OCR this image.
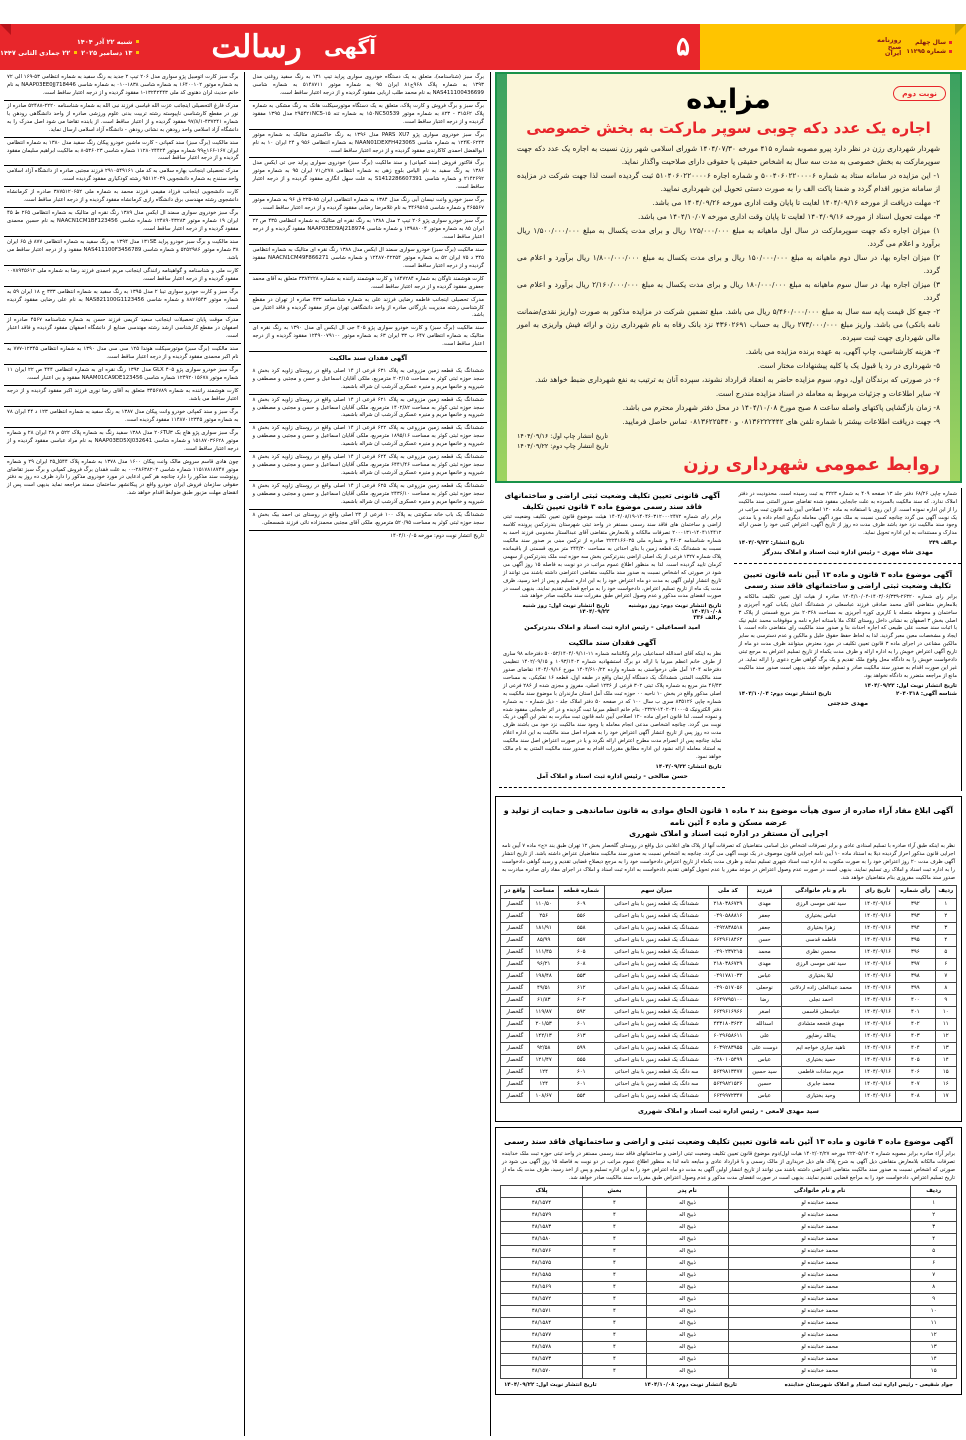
سال چهلم
شماره ۱۱۲۹۵
روزنامه
صبح
ایران
رسالت آگهی
شنبه ۲۲ آذر ۱۴۰۴
۱۳ دسامبر ۲۰۲۵
۲۲ جمادی الثانی ۱۴۴۷	۵
نوبت دوم
مزایده
اجاره یک عدد دکه چوبی سوپر مارکت به بخش خصوصی

شهردار شهرداری رزن در نظر دارد پیرو مصوبه شماره ۴۱۵ مورخه ۱۴۰۴/۰۷/۳۰ شورای اسلامی شهر رزن نسبت به اجاره یک عدد دکه جهت سوپرمارکت به بخش خصوصی به مدت سه سال به اشخاص حقیقی یا حقوقی دارای صلاحیت واگذار نماید.

۱- این مزایده در سامانه ستاد به شماره ۵۰۰۴۰۶۰۲۲۰۰۰۰۶ و شماره اجاره ۵۱۰۴۰۶۰۲۲۰۰۰۰۶ ثبت گردیده است لذا جهت شرکت در مزایده از سامانه مزبور اقدام گردد و ضمنا پاکت الف را به صورت دستی تحویل این شهرداری نمایید.

۲- مهلت دریافت از مورخه ۱۴۰۴/۰۹/۱۶ لغایت تا پایان وقت اداری مورخه ۱۴۰۴/۰۹/۲۶ می باشد.

۳- مهلت تحویل اسناد از مورخه ۱۴۰۴/۰۹/۱۶ لغایت تا پایان وقت اداری مورخه ۱۴۰۴/۱۰/۰۷ می باشد.

۱) میزان اجاره دکه جهت سوپرمارکت در سال اول ماهیانه به مبلغ ۱۲۵/۰۰۰/۰۰۰ ریال و برای مدت یکسال به مبلغ ۱/۵۰۰/۰۰۰/۰۰۰ ریال برآورد و اعلام می گردد.

۲) میزان اجاره بها، در سال دوم ماهیانه به مبلغ ۱۵۰/۰۰۰/۰۰۰ ریال و برای مدت یکسال به مبلغ ۱/۸۰۰/۰۰۰/۰۰۰ ریال برآورد و اعلام می گردد.

۳) میزان اجاره بها، در سال سوم ماهیانه به مبلغ ۱۸۰/۰۰۰/۰۰۰ ریال و برای مدت یکسال به مبلغ ۲/۱۶۰/۰۰۰/۰۰۰ ریال برآورد و اعلام می گردد.

۲- جمع کل قیمت پایه سه سال به مبلغ ۵/۴۶۰/۰۰۰/۰۰۰ ریال می باشد. مبلغ تضمین شرکت در مزایده مذکور به صورت (واریز نقدی/ضمانت نامه بانکی) می باشد. واریز مبلغ ۲۷۳/۰۰۰/۰۰۰ ریال به حساب ۴۳۶۰۲۶۹۱ نزد بانک رفاه به نام شهرداری رزن و ارائه فیش واریزی به امور مالی شهرداری جهت ثبت سپرده.

۴- هزینه کارشناسی، چاپ آگهی، به عهده برنده مزایده می باشد.

۵- شهرداری در رد یا قبول یک یا کلیه پیشنهادات مختار است.

۶- در صورتی که برندگان اول، دوم، سوم مزایده حاضر به انعقاد قرارداد نشوند، سپرده آنان به ترتیب به نفع شهرداری ضبط خواهد شد.

۷- سایر اطلاعات و جزئیات مربوط به معامله در اسناد مزایده مندرج است.

۸- زمان بازگشایی پاکتهای واصله ساعت ۸ صبح مورخ ۱۴۰۴/۱۰/۰۸ در محل دفتر شهردار محترم می باشد.

۹- جهت دریافت اطلاعات بیشتر با شماره تلفن های ۰۸۱۳۶۲۲۲۴۴۲ و ۰۸۱۳۶۲۲۵۳۴۰ تماس حاصل فرمایید.

تاریخ انتشار چاپ اول: ۱۴۰۴/۰۹/۱۶
تاریخ انتشار چاپ دوم: ۱۴۰۴/۰۹/۲۲
روابط عمومی شهرداری رزن
شماره چاپی ۶۸/۲۶ دفتر جلد ۱۳ صفحه ۴۰۹ به شماره ۳۲۲۳ به ثبت رسیده است. محدودیت در دفتر املاک ندارد. که سند مالکیت بالسرده به علت جابجایی مفقود شده تقاضای صدور المثنی سند مالکیت را از این اداره نموده است. از این روی با استفاده به ماده ۱۲۰ اصلاحی آیین نامه قانون ثبت مراتب در یک نوبت آگهی می گردد چنانچه کسی نسبت به ملک مورد آگهی معامله دیگری انجام داده و یا مدعی وجود سند مالکیت نزد خود باشد ظرف مدت ده روز از تاریخ آگهی، اعتراض کتبی خود را ضمن ارائه مدارک و مستندات به این اداره تحویل نماید.
م.الف ۲۴۹
تاریخ انتشار: ۱۴۰۴/۰۹/۲۲
مهدی شاه مهری - رئیس اداره ثبت اسناد و املاک بندرگز
آگهی موضوع ماده ۳ قانون و ماده ۱۳ آیین نامه قانون تعیین تکلیف وضعیت ثبتی اراضی و ساختمانهای فاقد سند رسمی
برابر رای شماره ۲۶۳۲۰-۱۴۰۳/۰۶/۳۳۹-۱۴۰۴/۱۰/۰۴ صادره از هیات اول تعیین تکلیف مالکانه و بلامعارض متقاضی آقای محمد صادقی فرزند عباسعلی در ششدانگ اعیان یکباب کوره آجرپزی و ساختمان و محوطه متصله با کاربری کوره آجرپزی به مساحت ۲۰۳۶۸ متر مربع قسمتی از پلاک ۳ اصلی بخش ۳ اصفهان به نشانی داخل روستای کلاک ملا باستانه اجاره نامه و موقوفات محمد علیم نیک با اثبات سند صحت علی طبیعی که اجاره احداث بنا و صدور سند مالکیت رای متقاضی داده است. با ایجاد و مشخصات معین معبر گردید. لذا به لحاظ حفظ حقوق خلیل و مالکین و عدم دسترسی به سایر مالکین مشاعی در اجرای ماده ۳ قانون تعیین تکلیف در مورد معترض میتوانند ظرف مدت دو ماه از تاریخ آگهی اعتراض خویش را به اداره ارائه و ظرف مدت یکماه از تاریخ تسلیم اعتراض به مرجع ثبتی دادخواست خویش را به دادگاه محل وقوع ملک تقدیم و یک برگ گواهی طرح دعوی را ارائه نماید. در غیر این صورت اقدام به صدور سند مالکیت صادر و تسلیم خواهد شد. بدیهی است صدور سند مالکیت مانع از مراجعه متضرر به دادگاه نخواهد بود.
تاریخ انتشار نوبت اول: ۱۴۰۴/۰۹/۲۲
شناسه آگهی: ۲۰۴۰۳۱۸
تاریخ انتشار نوبت دوم: ۱۴۰۴/۱۰/۰۴
مهدی حدجتی
آگهی قانونی تعیین تکلیف وضعیت ثبتی اراضی و ساختمانهای فاقد سند رسمی موضوع ماده ۳ قانون تعیین تکلیف
برابر رای شماره ۱۴۰۴۶۰۳۱۲۰۰۰۲۴۷۲-۱۴۰۴/۰۸/۱۹ هیئت موضوع قانون تعیین تکلیف وضعیت ثبتی اراضی و ساختمان های فاقد سند رسمی مستقر در واحد ثبتی شهرستان بندرترکمن پرونده کلاسه ۱۴۰۴۱۱۴۴۱۲-۲۰۰۰۱۳۱ تصرفات مالکانه و بلامعارض متقاضی آقای عبدالستار مخدومی فرزند احمد به شماره شناسنامه ۴۶۰۲ و شماره ملی ۲۲۲۴۱۶۶۰۳۵ صادره از ترکمن مبنی بر صدور سند مالکیت نسبت به ششدانگ یک قطعه زمین با بنای احداثی به مساحت ۲۴۴/۳۰ متر مربع، قسمتی از باقیمانده پلاک شماره ۱۳۲۷ فرعی از یک اصلی اراضی بندرترکمن بخش سه حوزه ثبت ملک بندرترکمن از سهمی کرمان تایید گردیده است. لذا به منظور اطلاع عموم مراتب در دو نوبت به فاصله ۱۵ روز آگهی می شود در صورتی که اشخاص نسبت به صدور سند مالکیت متقاضی اعتراضی داشته باشند می توانند از تاریخ انتشار اولین آگهی به مدت دو ماه اعتراض خود را به این اداره تسلیم و پس از اخذ رسید، ظرف مدت یک ماه از تاریخ تسلیم اعتراض، دادخواست خود را به مراجع قضایی تقدیم نمایند. بدیهی است در صورت انقضای مدت مذکور و عدم وصول اعتراض طبق مقررات سند مالکیت صادر خواهد شد.
تاریخ انتشار نوبت دوم: روز دوشنبه ۱۴۰۴/۱۰/۰۸
تاریخ انتشار نوبت اول: روز شنبه ۱۴۰۴/۰۹/۲۲
م.الف ۳۳۶
امید اسماعیلی - رئیس اداره ثبت اسناد و املاک بندرترکمن
آگهی فقدان سند مالکیت
نظر به اینکه آقای اسدالله اسماعیلی برابر وکالتنامه شماره ۱۱-۵۰۰۵۲/۱۴۰۴/۰۹/۱۱ دفترخانه ۹۸ ساری از طرف خانم اعظم میرنیا با ارائه دو برگ استشهادیه شماره ۱۰۹۳/۱۴۰۲ و ۱۴۰۲/۰۹/۱۵ تنظیمی دفترخانه ۱۴۰۴ آمل طی درخواستی به شماره وارده ۱۴۰۴/۶۱۰/۲۲ مورخ ۱۴۰۴/۰۹/۱۶ تقاضای صدور سند مالکیت المثنی ششدانگ یک دستگاه آپارتمان واقع در طبقه اول، قطعه ۱۶ تفکیکی، به مساحت ۴۶/۴۳ متر مربع به شماره پلاک ثبتی ۳۰۲ فرعی از ۱۲۳۶ اصلی، مفروز و مجزی شده از ۲۸۶ فرعی از اصلی مذکور واقع در بخش ۱۰ ناحیه ۰۰ حوزه ثبت ملک آمل استان مازندران با موضوع سند مالکیت به شماره چاپی ۸۳۵۱۲۶ سری ب سال ۱۰۰ که در صفحه ۵۰ دفتر املاک جلد - ذیل شماره - به شماره دفتر الکترونیک ۱۴۰۲۰۳۱۰۰۰۵-۰۲۳۲۷ بنام خانم اعظم میرنیا ثبت گردیده و در اثر جابجایی مفقود شده و نموده است. لذا قانون اجرای ماده ۱۲۰ اصلاحی آیین نامه قانون ثبت مبادرت به نشر این آگهی در یک نوبت می گردد. چنانچه اشخاصی مدعی انجام معامله با وجود سند مالکیت نزد خود می باشند ظرف مدت ده روز پس از تاریخ انتشار آگهی اعتراض خود را به همراه اصل سند مالکیت به این اداره اعلام نماید چنانچه پس از انصرام مدت مطرح اعتراض ارائه نگردد و یا در صورت اعتراض اصل سند مالکیت به استناد معامله ارائه نشود این اداره مطابق مقررات اقدام به صدور سند مالکیت المثنی به نام مالک خواهد نمود.
تاریخ انتشار: ۱۴۰۴/۰۹/۲۲
حسن صالحی - رئیس اداره ثبت اسناد و املاک آمل
آگهی ابلاغ مفاد آراء صادره از سوی هیأت موضوع بند ۲ ماده ۱ قانون الحاق موادی به قانون ساماندهی و حمایت از تولید و عرضه مسکن و ماده ۶ آئین نامه
اجرایی آن مستقر در اداره ثبت اسناد و املاک شهرری
نظر به اینکه طبق آراء صادره با تسلیم اسنادی عادی و برابر تصرفات اشخاص ذیل اسامی متقاضیان که تصرفات آنها از پلاک های اعلامی ذیل واقع در روستای گلخصار بخش ۱۲ تهران طبق بند «ج» ماده ۷ آیین نامه اجرایی قانون مذکور احراز گردیده ذیلا به استناد ماده ۱۰ آیین نامه اجرایی قانون موصوف در یک نوبت آگهی می گردد. چنانچه به اشخاص نسبت به صدور سند مالکیت متقاضیان عتراض داشته باشد. از تاریخ انتشار آگهی ظرف مدت ۲۰ روز اعتراض خود را به صورت مکتوب به اداره ثبت اسناد شهری تسلیم نمایند و ظرف مدت یکماه از تاریخ اعتراض دادخواست خود را به مرجع ذیصلاح قضایی تقدیم و رسید گواهی دادخواست را به اداره ثبت اسناد و املاک ری تسلیم نمایند. بدیهی است در صورت عدم وصول اعتراض در موعد مقرر یا عدم تحویل گواهی تقدیم دادخواست به اداره ثبت اسناد و املاک در اجرای مفاد رای صادره مبادرت به صدور سند مالکیت مفروزی بنام متقاضیان خواهد شد.
ردیف	رأی شماره	تاریخ رای	نام و نام خانوادگی	فرزند	کد ملی	میزان سهم	شماره قطعه	مساحت	واقع در
۱	۳۹۲	۱۴۰۴/۰۹/۱۶	سید تقی موسی الرزی	مهدی	۲۱۸۰۳۸۶۷۲۹	ششدانگ یک قطعه زمین با بنای احداثی	۶۰۹	۱۱۰/۵۰	گلخصار
۲	۳۹۳	۱۴۰۴/۰۹/۱۶	عباس بختیاری	جعفر	۰۴۹۰۵۸۸۸۱۶	ششدانگ یک قطعه زمین با بنای احداثی	۵۵۶	۲۵۶	گلخصار
۳	۳۹۴	۱۴۰۴/۰۹/۱۶	زهرا بختیاری	جعفر	۰۴۹۲۸۳۸۵۱۸	ششدانگ یک قطعه زمین با بنای احداثی	۵۵۸	۱۸۱/۹۱	گلخصار
۴	۳۹۵	۱۴۰۴/۰۹/۱۶	فاطمه قدسی	حسن	۶۶۴۹۶۱۸۴۶۲	ششدانگ یک قطعه زمین با بنای احداثی	۵۵۷	۸۵/۹۹	گلخصار
۵	۳۹۶	۱۴۰۴/۰۹/۱۶	محسن نظری	محمد	۰۴۹۰۲۳۷۲۱۵	ششدانگ یک قطعه زمین با بنای احداثی	۶۰۵	۱۱۱/۴۵	گلخصار
۶	۳۹۷	۱۴۰۴/۰۹/۱۶	سید تقی موسی الرزی	مهدی	۲۱۸۰۳۸۶۷۲۹	ششدانگ یک قطعه زمین با بنای احداثی	۶۰۸	۹۶/۲۱	گلخصار
۷	۳۹۸	۱۴۰۴/۰۹/۱۶	لیلا بختیاری	عباس	۰۴۹۱۷۸۱۰۳۲	ششدانگ یک قطعه زمین با بنای احداثی	۵۵۳	۱۹۸/۴۸	گلخصار
۸	۳۹۹	۱۴۰۴/۰۹/۱۶	محمد عبدالعلی زاده اردلانی	نوحعلی	۰۴۹۰۵۱۷۰۵۶	ششدانگ یک قطعه زمین با بنای احداثی	۶۱۲	۴۹/۵۱	گلخصار
۹	۴۰۰	۱۴۰۴/۰۹/۱۶	احمد نجلی	رضا	۶۶۴۹۷۹۵۱۰۰	ششدانگ یک قطعه زمین با بنای احداثی	۶۰۲	۶۱/۸۳	گلخصار
۱۰	۴۰۱	۱۴۰۴/۰۹/۱۶	عباسعلی قاسمی	اصغر	۶۶۴۹۶۱۶۹۶۶	ششدانگ یک قطعه زمین با بنای احداثی	۵۹۲	۱۱۹/۸۷	گلخصار
۱۱	۴۰۲	۱۴۰۴/۰۹/۱۶	مهدی فتحعه متشادی	اسدالله	۴۴۳۱۸۰۳۶۲۲	ششدانگ یک قطعه زمین با بنای احداثی	۶۰۱	۲۰۱/۵۳	گلخصار
۱۲	۴۰۳	۱۴۰۴/۰۹/۱۶	یدالله رضاپور	علی	۶۰۲۹۶۵۸۶۱۱	ششدانگ یک قطعه زمین با بنای احداثی	۶۱۳	۱۴۲/۱۳	گلخصار
۱۳	۴۰۴	۱۴۰۴/۰۹/۱۶	ناهید جباری خواجه ایم	دوست علی	۶۰۳۹۲۸۳۹۵۵	ششدانگ یک قطعه زمین با بنای احداثی	۵۹۹	۹۲/۵۸	گلخصار
۱۴	۴۰۵	۱۴۰۴/۰۹/۱۶	حمید بختیاری	عباس	۰۴۸۰۱۰۵۴۹۹	ششدانگ یک قطعه زمین با بنای احداثی	۵۵۵	۱۲۱/۴۷	گلخصار
۱۵	۴۰۶	۱۴۰۴/۰۹/۱۶	مریم سادات فاطمی	سید حسین	۵۶۴۹۸۱۳۴۷۷	سه دانگ یک قطعه زمین با بنای احداثی	۶۰۱	۱۲۴	گلخصار
۱۶	۴۰۷	۱۴۰۴/۰۹/۱۶	محمد جابری	حسین	۵۶۴۹۸۲۱۵۲۶	سه دانگ یک قطعه زمین با بنای احداثی	۶۰۱	۱۲۴	گلخصار
۱۷	۴۰۸	۱۴۰۴/۰۹/۱۶	وحید بختیاری	عباس	۶۶۴۹۹۷۲۳۴۷	ششدانگ یک قطعه زمین با بنای احداثی	۵۵۴	۱۰۸/۶۷	گلخصار
سید مهدی لامعی - رئیس اداره ثبت اسناد و املاک شهرری
آگهی موضوع ماده ۳ قانون و ماده ۱۳ آئین نامه قانون تعیین تکلیف وضعیت ثبتی و اراضی و ساختمانهای فاقد سند رسمی
برابر آراء صادره برابر مصوبه شماره ۲۲۲۰۵/۱۴۰۲ مورخه ۱۴۰۲/۰۲/۲۷ هیات اول/دوم موضوع قانون تعیین تکلیف وضعیت ثبتی اراضی و ساختمانهای فاقد سند رسمی مستقر در واحد ثبتی حوزه ثبت ملک خدابنده تصرفات مالکانه بلامعارض متقاضی ذیل آگهی به شرح پلاک های ذیل خریداری از مالک رسمی و با قرارداد عادی و مبایعه نامه لذا به منظور اطلاع عموم مراتب در دو نوبت به فاصله ۱۵ روز آگهی می شود در صورتی که اشخاص نسبت به صدور سند مالکیت متقاضی اعتراضی داشته باشند می توانند از تاریخ انتشار اولین آگهی به مدت دو ماه اعتراض خود را به این اداره تسلیم و پس از اخذ رسید، ظرف مدت یک ماه از تاریخ تسلیم اعتراض، دادخواست خود را به مراجع قضایی تقدیم نمایند. بدیهی است در صورت انقضای مدت مذکور و عدم وصول اعتراض طبق مقررات سند مالکیت صادر خواهد شد.
ردیف	نام و نام خانوادگی	نام پدر	بخش	پلاک
۱	محمد خدابنده لو	ذبیح اله	۴	۴۸/۱۵۷۴
۲	محمد خدابنده لو	ذبیح اله	۴	۴۸/۱۵۷۹
۳	محمد خدابنده لو	ذبیح اله	۴	۴۸/۱۵۸۳
۴	محمد خدابنده لو	ذبیح اله	۴	۴۸/۱۵۸۰
۵	محمد خدابنده لو	ذبیح اله	۴	۴۸/۱۵۷۶
۶	محمد خدابنده لو	ذبیح اله	۴	۴۸/۱۵۷۵
۷	محمد خدابنده لو	ذبیح اله	۴	۴۸/۱۵۸۵
۸	محمد خدابنده لو	ذبیح اله	۴	۴۸/۱۵۶۹
۹	محمد خدابنده لو	ذبیح اله	۴	۴۸/۱۵۷۲
۱۰	محمد خدابنده لو	ذبیح اله	۴	۴۸/۱۵۷۱
۱۱	محمد خدابنده لو	ذبیح اله	۴	۴۸/۱۵۸۴
۱۲	محمد خدابنده لو	ذبیح اله	۴	۴۸/۱۵۷۷
۱۳	محمد خدابنده لو	ذبیح اله	۴	۴۸/۱۵۷۸
۱۴	محمد خدابنده لو	ذبیح اله	۴	۴۸/۱۵۷۳
۱۵	محمد خدابنده لو	ذبیح اله	۴	۴۸/۱۵۷۰
جواد شفیعی - رئیس اداره ثبت اسناد و املاک شهرستان خدابنده
تاریخ انتشار نوبت دوم: ۱۴۰۴/۱۰/۰۸
تاریخ انتشار نوبت اول: ۱۴۰۴/۰۹/۲۲

برگ سبز (شناسنامه)، متعلق به یک دستگاه خودروی سواری پراید تیپ ۱۳۱ به رنگ سفید روغنی مدل ۱۳۹۳ به شماره پلاک ۹۶۸ج۸۱ ایران ۹۵ به شماره موتور ۵۱۴۸۷۱۱ به شماره شاسی NAS411100436699 به نام محمد طلب اربابی مفقود گردیده و از درجه اعتبار ساقط است.

برگ سبز و برگ فروش و کارت پلاک، متعلق به یک دستگاه موتورسیکلت هانک به رنگ مشکی به شماره پلاک ۳۱۵۶۲ - ۸۲۳ به شماره موتور ۱۵۰NC50539 به شماره تنه ۱۵-۲۹۵۴۲۱NC5 مدل ۱۳۹۵ مفقود گردیده و از درجه اعتبار ساقط است.

برگ سبز خودروی سواری پژو PARS XU7 مدل ۱۳۹۶ به رنگ خاکستری متالیک به شماره موتور ۱۲۴K۰۶۲۴۳ به شماره شاسی NAAN01DEXFH423065 به شماره انتظامی ۹۵۶ و ۲۴ ایران ۱۰ به نام ابوالفضل احمدی کاکارندی مفقود گردیده و از درجه اعتبار ساقط است.

برگ فاکتور فروش (سند کمپانی) و سند مالکیت (برگ سبز) خودروی سواری پراید جی تی ایکس مدل ۱۳۸۶ به رنگ سفید به نام الیاس بلوچ زهی به شماره انتظامی ۲۷۸ن۷۱ ایران ۹۵ به شماره موتور ۲۱۴۲۶۹۲ و شماره شاسی S1412286607391 به علت سهل انگاری مفقود گردیده و از درجه اعتبار ساقط است.

برگ سبز خودرو وانت نیسان آبی رنگ مدل ۱۳۸۴ به شماره انتظامی ایران ۸۵-۲۲۵ ق ۹۶ به شماره موتور ۴۶۵۵۶۷ و شماره شاسی ۳۴۶۹۵۱۵ به نام غلامرضا رضایی مفقود گردیده و از درجه اعتبار ساقط است.

برگ سبز خودرو سواری پژو ۲۰۶ تیپ ۲ مدل ۱۳۸۸ به رنگ نقره ای متالیک به شماره انتظامی ۴۳۵ ص ۲۲ ایران ۸۵ به شماره موتور ۱۳۹۸۸۰۰۴ و شماره شاسی NAAP03ED9AJ218974 مفقود گردیده و از درجه اعتبار ساقط است.

سند مالکیت (برگ سبز) خودرو سواری سمند ال ایکس مدل ۱۳۸۸ رنگ نقره ای متالیک به شماره انتظامی ۳۴۵ د ۷۵ ایران ۵۲ به شماره موتور ۱۲۴۸۷۰۴۲۲۵۴ و شماره شاسی NAACN1CM49F866271 مفقود گردیده و از درجه اعتبار ساقط است.

کارت هوشمند ناوگان به شماره ۱۸۴۷۲۸۴ و کارت هوشمند راننده به شماره ۳۳۸۴۲۲۸ متعلق به آقای محمد جعفری مفقود گردیده و از درجه اعتبار ساقط است.

مدرک تحصیلی اینجانب فاطمه رضایی فرزند علی به شماره شناسنامه ۴۳۲ صادره از تهران در مقطع کارشناسی رشته مدیریت بازرگانی صادره از واحد دانشگاهی تهران مرکز مفقود گردیده و فاقد اعتبار می باشد.

سند مالکیت (برگ سبز) و کارت خودرو سواری پژو ۴۰۵ جی ال ایکس آی مدل ۱۳۹۰ به رنگ نقره ای متالیک به شماره انتظامی ۶۴۷ ب ۳۳ ایران ۶۳ به شماره موتور ۱۲۴۹۰۰۷۹۱۰۰ مفقود گردیده و از درجه اعتبار ساقط است.

آگهی فقدان سند مالکیت

ششدانگ یک قطعه زمین مزروعی به پلاک ۶۳۱ فرعی از ۱۴ اصلی واقع در روستای زاویه کرد بخش ۸ سجد حوزه ثبتی کوثر به مساحت ۲۰۲/۱۵ مترمربع، ملکی آقایان اسماعیل و حسن و مجتبی و مصطفی و شیرویه و خانمها مریم و منیره عسکری آذرشب ان شراله باشمید.

ششدانگ یک قطعه زمین مزروعی به پلاک ۶۲۱ فرعی از ۱۴ اصلی واقع در روستای زاویه کرد بخش ۸ سجد حوزه ثبتی کوثر به مساحت ۱۴۰۲/۸۲ مترمربع، ملکی آقایان اسماعیل و حسن و مجتبی و مصطفی و شیرویه و خانمها مریم و منیره عسکری آذرشب ان شراله باشمید.

ششدانگ یک قطعه زمین مزروعی به پلاک ۶۲۲ فرعی از ۱۴ اصلی واقع در روستای زاویه کرد بخش ۸ سجد حوزه ثبتی کوثر به مساحت ۱۸۹۵/۱۶ مترمربع، ملکی آقایان اسماعیل و حسن و مجتبی و مصطفی و شیرویه و خانمها مریم و منیره عسکری آذرشب ان شراله باشمید.

ششدانگ یک قطعه زمین مزروعی به پلاک ۶۲۴ فرعی از ۱۴ اصلی واقع در روستای زاویه کرد بخش ۸ سجد حوزه ثبتی کوثر به مساحت ۶۴۴۱/۴۶ مترمربع، ملکی آقایان اسماعیل و حسن و مجتبی و مصطفی و شیرویه و خانمها مریم و منیره عسکری آذرشب ان شراله باشمید.

ششدانگ یک قطعه زمین مزروعی به پلاک ۶۲۵ فرعی از ۱۴ اصلی واقع در روستای زاویه کرد بخش ۸ سجد حوزه ثبتی کوثر به مساحت ۲۴۳۶/۱۰ مترمربع، ملکی آقایان اسماعیل و حسن و مجتبی و مصطفی و شیرویه و خانمها مریم و منیره عسکری آذرشب ان شراله باشمید.

ششدانگ یک باب خانه سکونتی به پلاک ۱۰۰ فرعی از ۲۳ اصلی واقع در روستای نی احمد بیک بخش ۸ سجد حوزه ثبتی کوثر به مساحت ۵۲۰/۹۵ مترمربع، ملکی آقای مجتبی محمدزاده نائی فرزند شمسعلی.

تاریخ انتشار نوبت دوم: مورخه ۱۴۰۴/۱۰/۰۵

برگ سبز کارت اتومبیل پژو سواری مدل ۲۰۶ تیپ ۲ جدید به رنگ سفید به شماره انتظامی ۵۳-۱۶۹ الی ۷۲ به شماره موتور ۱۶۴۰۰۱۰۲ به شماره شاسی ۱۸۳۸-۰۱۰ به شماره شاسی NAAP03EE0JJ718446 به نام خانم حدیث لران دهنوی کد ملی ۱۳۲۴۲۴۴۳-۱ مفقود گردیده و از درجه اعتبار ساقط است.

مدرک فارغ التحصیلی اینجانب عزت الله قیاسی فرزند نبی الله به شماره شناسنامه ۲۲۲۰-۵۲۴۸۸ صادره از نور در مقطع کارشناسی ناپیوسته رشته تربیت بدنی علوم ورزشی صادره از واحد دانشگاهی رودهن با شماره ۴۳۷۲۴۱-۹۷/۸/۱ مفقود گردیده و از اعتبار ساقط است. از یابنده تقاضا می شود اصل مدرک را به دانشگاه آزاد اسلامی واحد رودهن به نشانی رودهن - دانشگاه آزاد اسلامی ارسال نماید.

سند مالکیت (برگ سبز) سند کمپانی - کارت ماشین خودرو پیکان رنگ سفید مدل ۱۳۸۰ به شماره انتظامی ایران ۱۶۷-۱۶۶ج۹۹ شماره موتور ۱۱۲۸۰۲۴۴۲۴ شماره شاسی ۵۳۶۰۲۳-۸ به مالکیت ابراهیم سلیمان مفقود گردیده و از درجه اعتبار ساقط است.

مدرک تحصیلی اینجانب بهاره سلامی به کد ملی ۲۹۱۰۵۴۹۱۶۱ فرزند مجتبی صادره از دانشگاه آزاد اسلامی واحد سنندج به شماره دانشجویی ۹۵۱۱۲۰۴۹ رشته کودکیاری مفقود گردیده است.

کارت دانشجویی اینجانب فرزاد مقیمی فرزند محمد به شماره ملی ۳۸۷۵۱۲۰۶۵۲ صادره از کرمانشاه دانشجوی رشته مهندسی برق دانشگاه رازی کرمانشاه مفقود گردیده و از درجه اعتبار ساقط است.

برگ سبز خودروی سواری سمند ال ایکس مدل ۱۳۸۹ رنگ نقره ای متالیک به شماره انتظامی ۲۶۵ ط ۴۵ ایران ۱۹ شماره موتور ۱۲۴۸۹۰۴۳۲۸۳ شماره شاسی NAACN1CM1BF123456 به نام حسین محمدی مفقود گردیده و از درجه اعتبار ساقط است.

سند مالکیت و برگ سبز خودرو پراید ۱۳۱SE مدل ۱۳۹۴ به رنگ سفید به شماره انتظامی ۸۷۷ ق ۶۵ ایران ۳۸ شماره موتور ۵۲۵۲۹۸۶ و شماره شاسی NAS411100F3456789 مفقود و از درجه اعتبار ساقط می باشد.

کارت ملی و شناسنامه و گواهینامه رانندگی اینجانب مریم احمدی فرزند رضا به شماره ملی ۰۰۷۸۹۴۵۶۱۲ مفقود گردیده و از درجه اعتبار ساقط است.

برگ سبز و کارت خودرو سواری تیبا ۲ مدل ۱۳۹۵ به رنگ سفید به شماره انتظامی ۳۳۳ ج ۱۸ ایران ۵۹ به شماره موتور ۸۸۷۶۵۴۳ و شماره شاسی NAS821100G1123456 به نام علی رضایی مفقود گردیده است.

مدرک موقت پایان تحصیلات اینجانب سعید کریمی فرزند حسن به شماره شناسنامه ۴۵۶۷ صادره از اصفهان در مقطع کارشناسی ارشد رشته مهندسی صنایع از دانشگاه اصفهان مفقود گردیده و فاقد اعتبار است.

سند مالکیت (برگ سبز) موتورسیکلت هوندا ۱۲۵ سی سی مدل ۱۳۹۰ به شماره انتظامی ۱۲۳۴۵-۷۷۷ به نام اکبر محمدی مفقود گردیده و از درجه اعتبار ساقط است.

برگ سبز خودرو سواری پژو ۴۰۵ GLX مدل ۱۳۹۲ رنگ نقره ای به شماره انتظامی ۴۴۴ ص ۲۲ ایران ۱۱ شماره موتور ۱۲۴۹۲۰۱۵۶۷۸ شماره شاسی NAAM01CA9DE123456 مفقود و بی اعتبار است.

کارت هوشمند راننده به شماره ۳۴۵۶۷۸۹ متعلق به آقای رضا نوری فرزند اکبر مفقود گردیده و از درجه اعتبار ساقط می باشد.

برگ سبز و سند کمپانی خودرو وانت پیکان مدل ۱۳۸۷ به رنگ سفید به شماره انتظامی ۱۲۳ د ۴۴ ایران ۷۸ به شماره موتور ۱۱۴۸۷۰۱۲۳۴۵ مفقود گردیده است.

برگ سبز سواری پژو هاچ بک ۲۰۶TU۳ مدل ۱۳۸۸ سفید رنگ به شماره پلاک ۵۲۲ م ۲۸ ایران ۲۸ و شماره موتور ۱۵۱۸۷۰۳۶۶۲۸ و شماره شاسی NAAP03ED5XJ032641 به نام مراد عباسی مفقود گردیده و از درجه اعتبار ساقط است.

چون هادی قاسم سروش مالک وانت پیکان ۱۶۰۰ مدل ۱۳۷۸ به شماره پلاک ۵۴۴ل۲۵ ایران ۲۹ و شماره موتور ۱۱۵۱۷۸۱۸۷۴۷ شماره شاسی ۲۸۶۳۸۲۰۲-۰۰ به علت فقدان برگ فروش کمپانی و برگ سبز تقاضای رونوشت سند مذکور را دارد چنانچه هر کس ادعایی در مورد خودروی مذکور را دارد ظرف ده روز به دفتر حقوقی سازمان فروش ایران خودرو واقع در پیکانشهر ساختمان سمند مراجعه نماید بدیهی است پس از انقضای مهلت مزبور طبق ضوابط اقدام خواهد شد.
